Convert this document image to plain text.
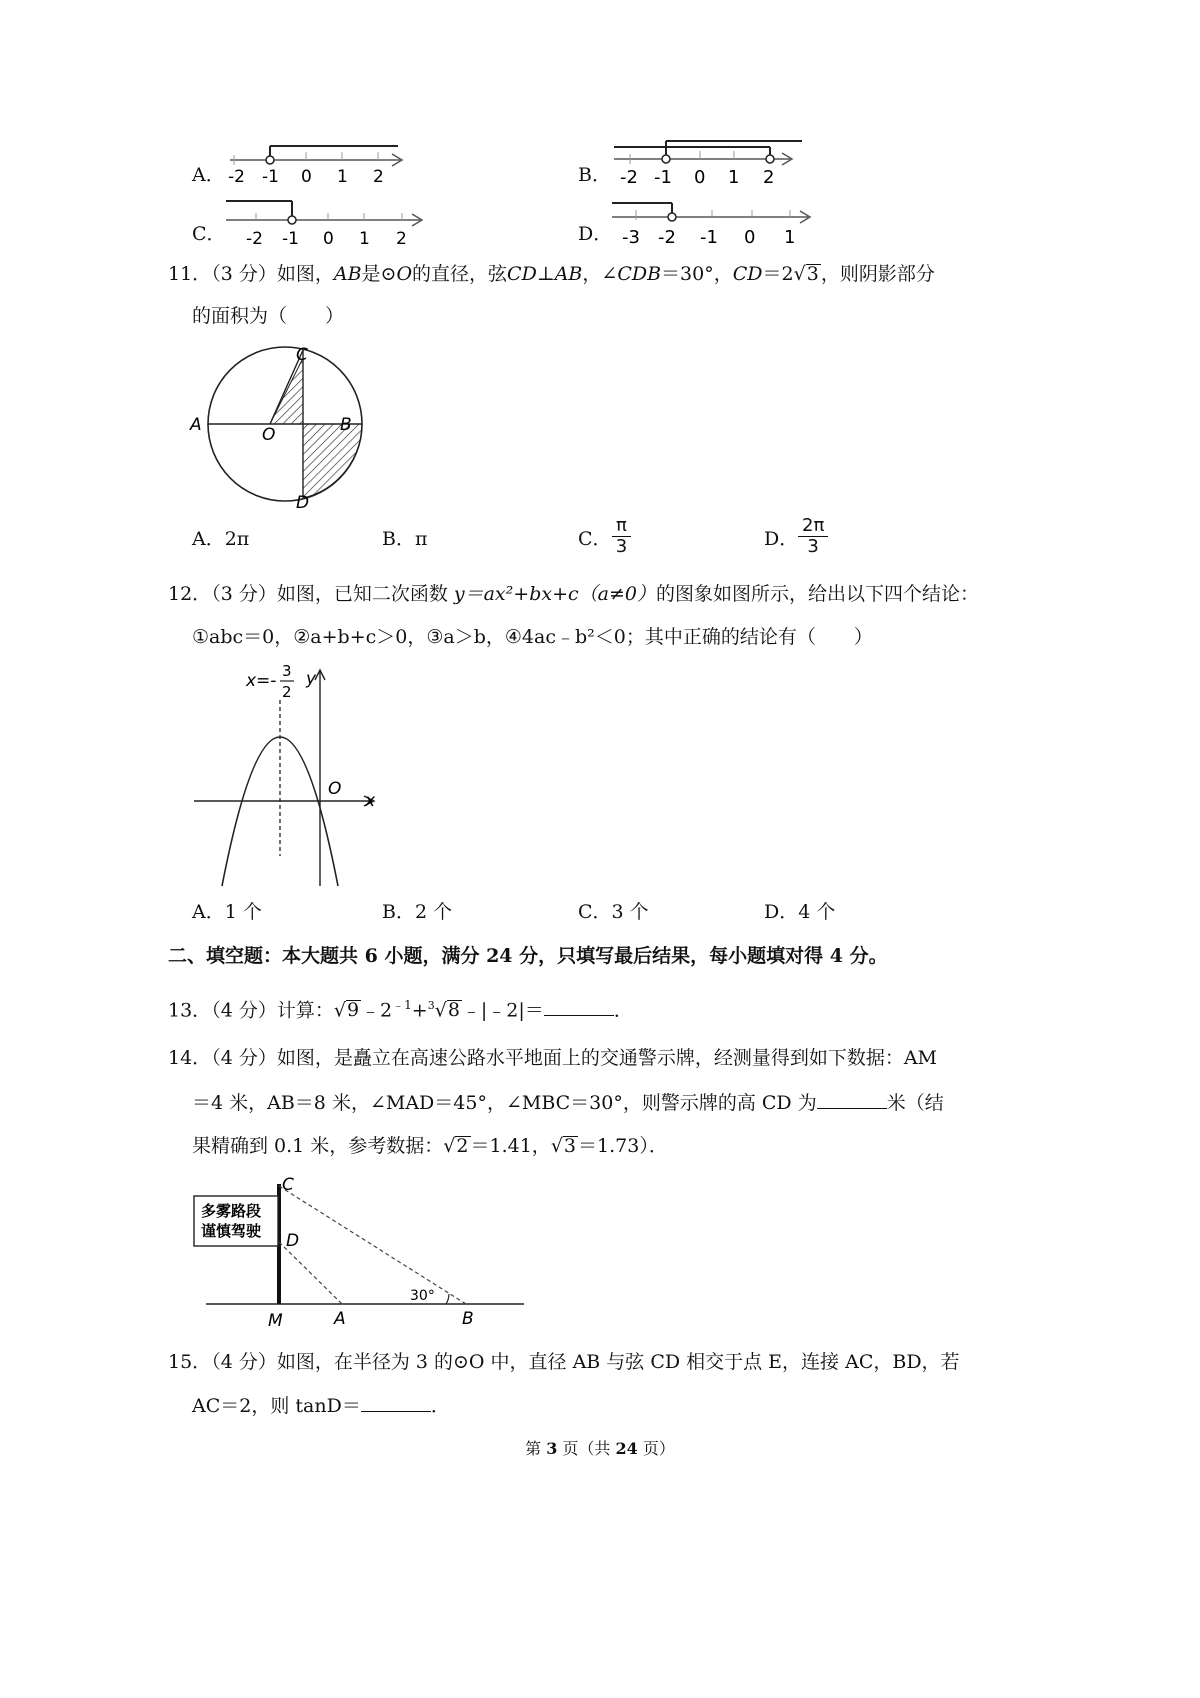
A． -2 -1 0 1 2	B． -2 -1 0 1 2
C． -2 -1 0 1 2	D． -3 -2 -1 0 1
11．（3 分）如图，AB是⊙O的直径，弦CD⊥AB，∠CDB＝30°，CD＝2√3 ，则阴影部分
的面积为（　　）
C
A	O	B
D
A．2π	B．π	C． $\frac{\pi}{3}$	D． $\frac{2\pi}{3}$
12．（3 分）如图，已知二次函数 y＝ax²+bx+c（a≠0）的图象如图所示，给出以下四个结论：
①abc＝0，②a+b+c＞0，③a＞b，④4ac﹣b²＜0；其中正确的结论有（　　）
x=- 3
2
y
O
x
A．1 个	B．2 个	C．3 个	D．4 个
二、填空题：本大题共 6 小题，满分 24 分，只填写最后结果，每小题填对得 4 分。
13．（4 分）计算：√9 $﹣2^{﹣1}+^3√8$ ﹣|﹣2|＝	．
14．（4 分）如图，是矗立在高速公路水平地面上的交通警示牌，经测量得到如下数据：AM
＝4 米，AB＝8 米，∠MAD＝45°，∠MBC＝30°，则警示牌的高 CD 为	米（结
果精确到 0.1 米，参考数据：√2 ＝1.41，√3 ＝1.73）．
多雾路段
谨慎驾驶
C
D
M	A	B
30°
15．（4 分）如图，在半径为 3 的⊙O 中，直径 AB 与弦 CD 相交于点 E，连接 AC，BD，若
AC＝2，则 tanD＝	．
第 3 页（共 24 页）
